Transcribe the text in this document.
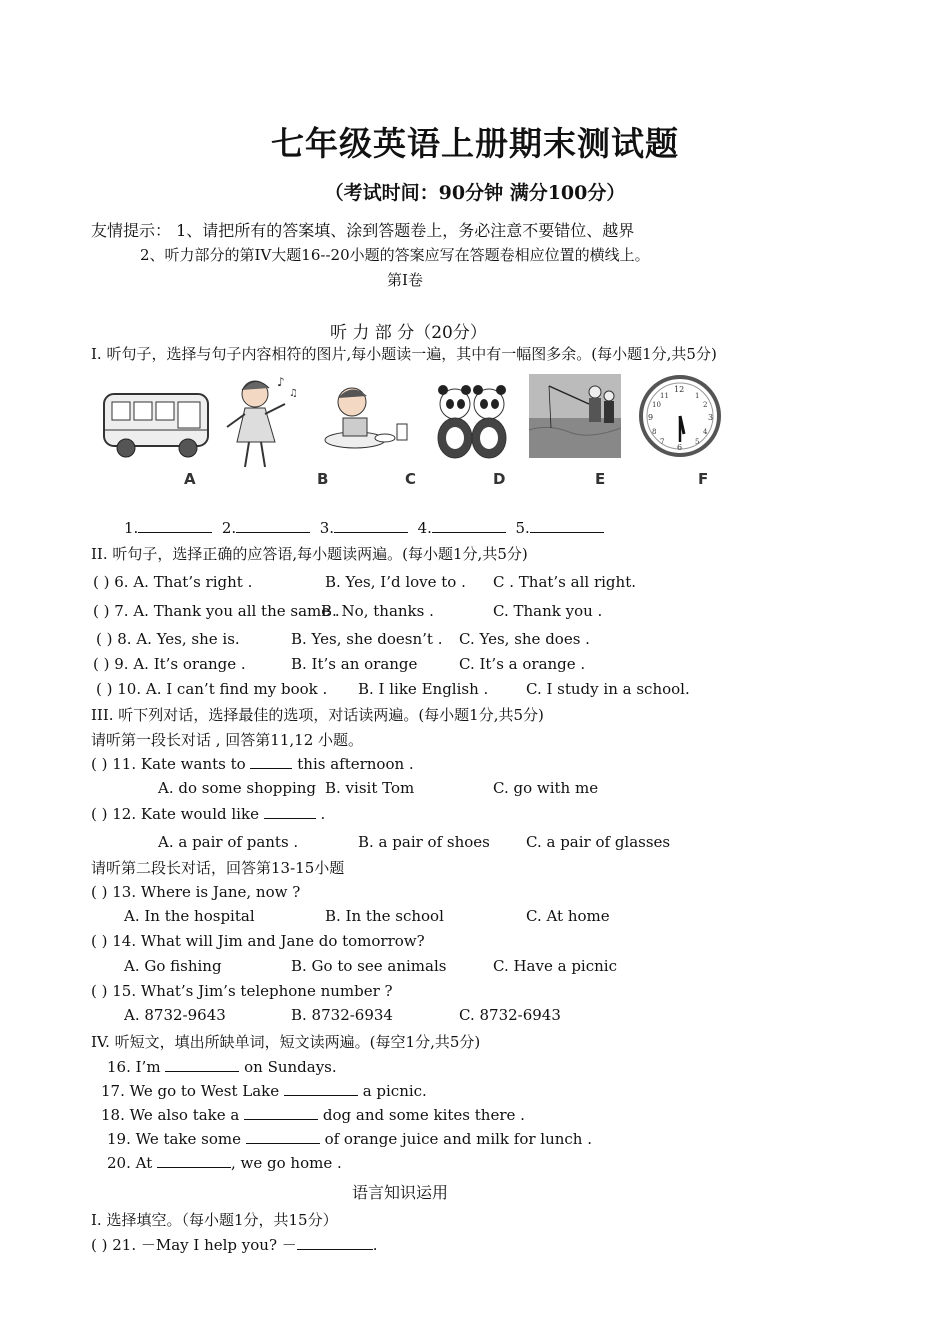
七年级英语上册期末测试题
（考试时间：90分钟 满分100分）
友情提示： 1、请把所有的答案填、涂到答题卷上，务必注意不要错位、越界
2、听力部分的第IV大题16--20小题的答案应写在答题卷相应位置的横线上。
第Ⅰ卷
听 力 部 分（20分）
I. 听句子，选择与句子内容相符的图片,每小题读一遍，其中有一幅图多余。(每小题1分,共5分)
♪
♫	12
3
6
9
1
2
4
5
7
8
10
11
A	B	C	D	E	F
1.	2.	3.	4.	5.
II. 听句子，选择正确的应答语,每小题读两遍。(每小题1分,共5分)
( ) 6. A. That’s right .	B. Yes, I’d love to . C . That’s all right.
( ) 7. A. Thank you all the same .
B. No, thanks .	C. Thank you .
( ) 8. A. Yes, she is.	B. Yes, she doesn’t . C. Yes, she does .
( ) 9. A. It’s orange .	B. It’s an orange	C. It’s a orange .
( ) 10. A. I can’t find my book . B. I like English .	C. I study in a school.
III. 听下列对话，选择最佳的选项，对话读两遍。(每小题1分,共5分)
请听第一段长对话 , 回答第11,12 小题。
( ) 11. Kate wants to	this afternoon .
A. do some shopping B. visit Tom	C. go with me
( ) 12. Kate would like	.
A. a pair of pants .	B. a pair of shoes C. a pair of glasses
请听第二段长对话，回答第13-15小题
( ) 13. Where is Jane, now ?
A. In the hospital	B. In the school	C. At home
( ) 14. What will Jim and Jane do tomorrow?
A. Go fishing	B. Go to see animals	C. Have a picnic
( ) 15. What’s Jim’s telephone number ?
A. 8732-9643	B. 8732-6934	C. 8732-6943
IV. 听短文，填出所缺单词，短文读两遍。(每空1分,共5分)
16. I’m	on Sundays.
17. We go to West Lake	a picnic.
18. We also take a	dog and some kites there .
19. We take some	of orange juice and milk for lunch .
20. At	, we go home .
语言知识运用
I. 选择填空。（每小题1分，共15分）
( ) 21. －May I help you? －	.
